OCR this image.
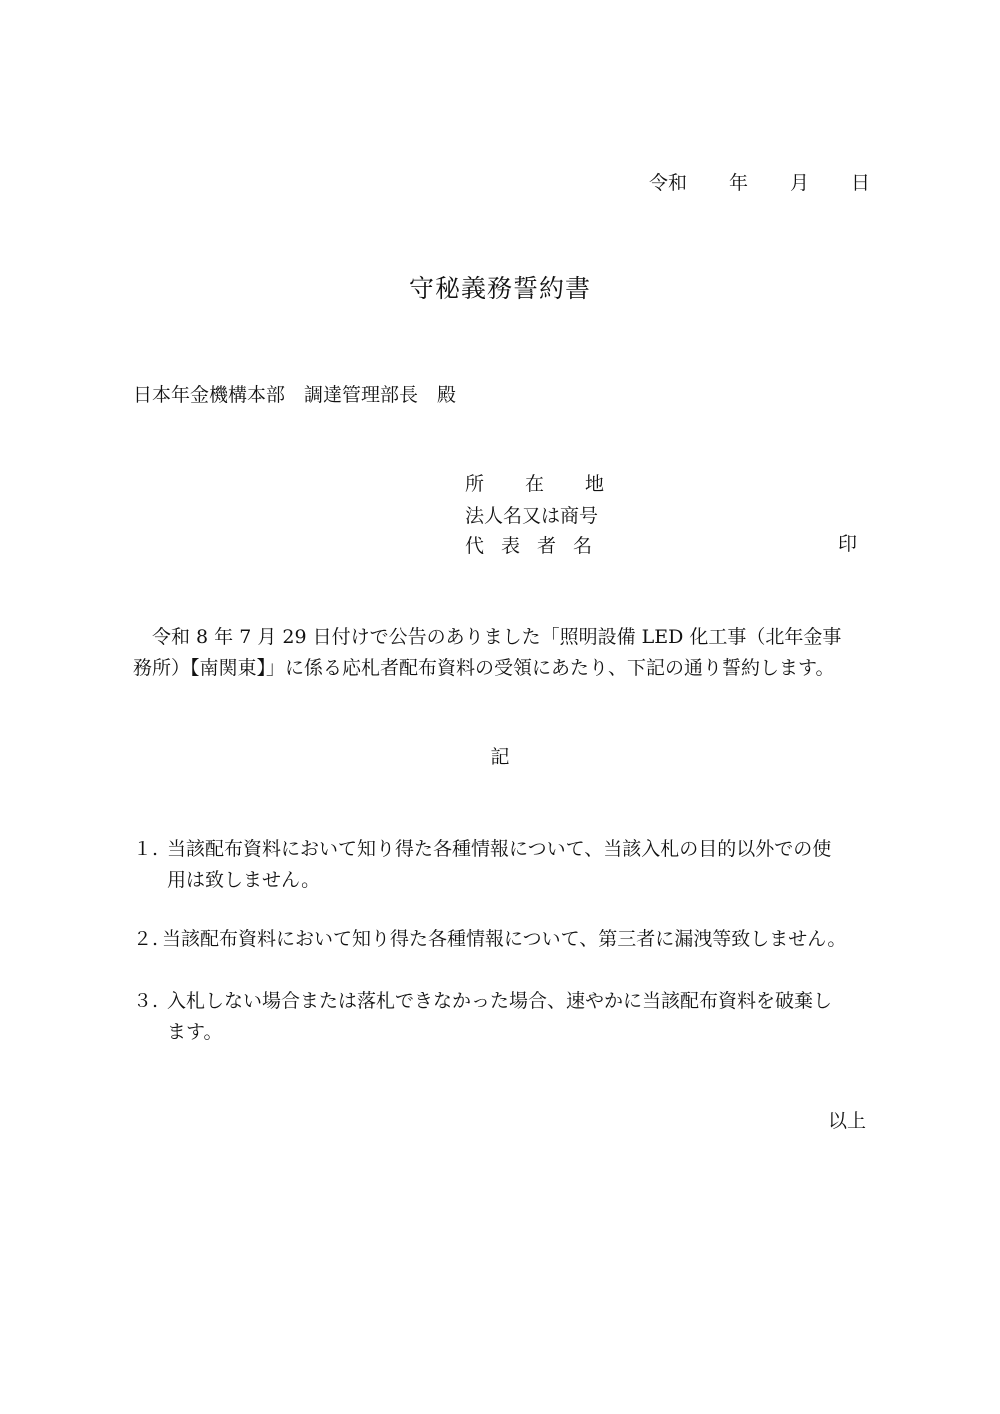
令和 年 月 日
守秘義務誓約書
日本年金機構本部　調達管理部長　殿
所 在 地
法人名又は商号
代 表 者 名	印
令和 8 年 7 月 29 日付けで公告のありました「照明設備 LED 化工事（北年金事
務所）【南関東】」に係る応札者配布資料の受領にあたり、下記の通り誓約します。
記
１. 当該配布資料において知り得た各種情報について、当該入札の目的以外での使
用は致しません。
２. 当該配布資料において知り得た各種情報について、第三者に漏洩等致しません。
３. 入札しない場合または落札できなかった場合、速やかに当該配布資料を破棄し
ます。
以上
